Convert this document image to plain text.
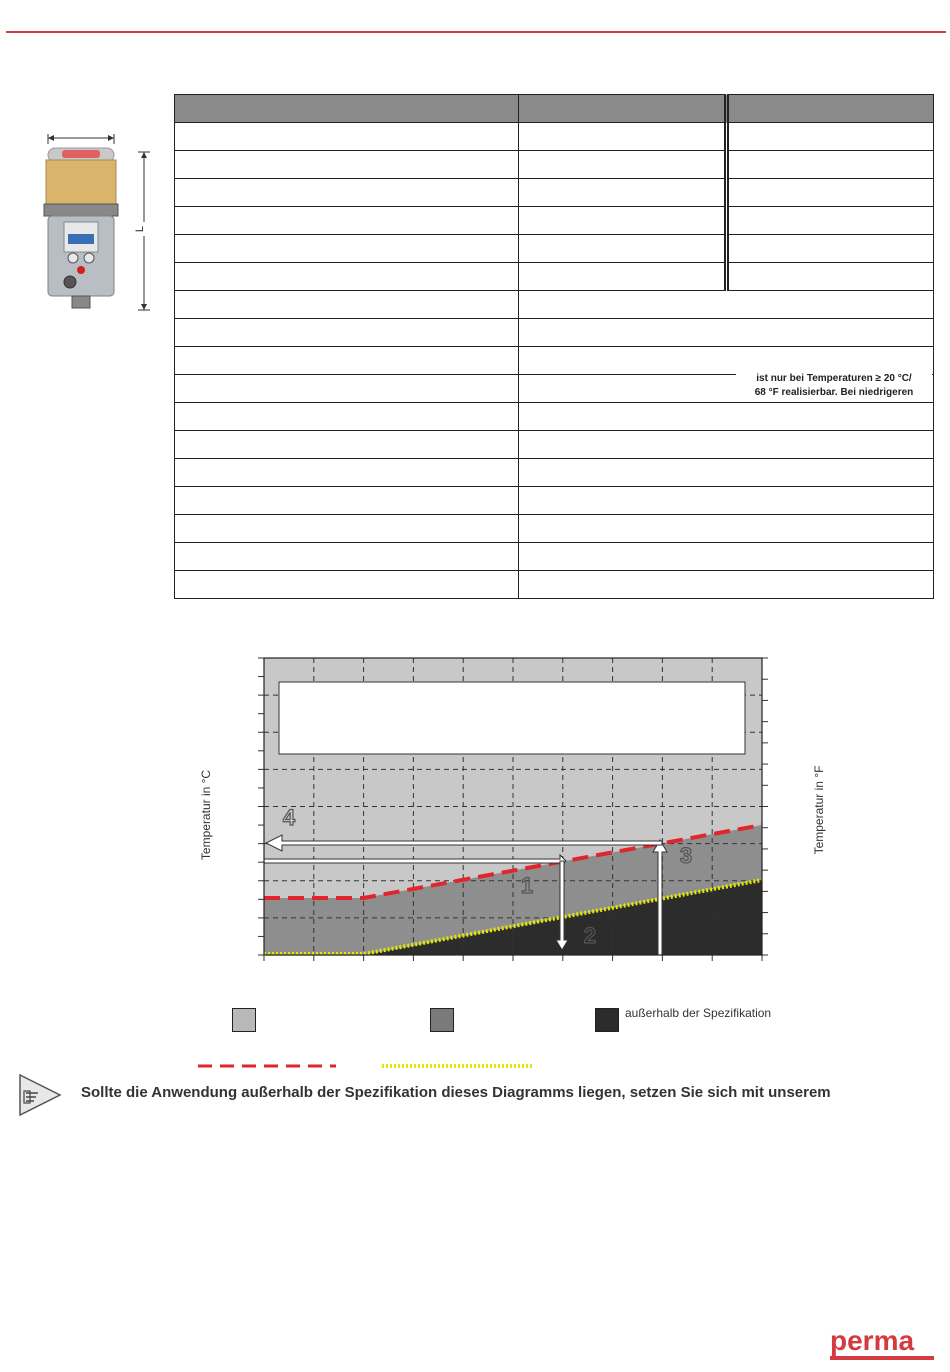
L

ist nur bei Temperaturen ≥ 20 °C/
68 °F realisierbar. Bei niedrigeren
4
1
3
2
Temperatur in °C	Temperatur in °F
außerhalb der Spezifikation
Sollte die Anwendung außerhalb der Spezifikation dieses Diagramms liegen, setzen Sie sich mit unserem
perma
